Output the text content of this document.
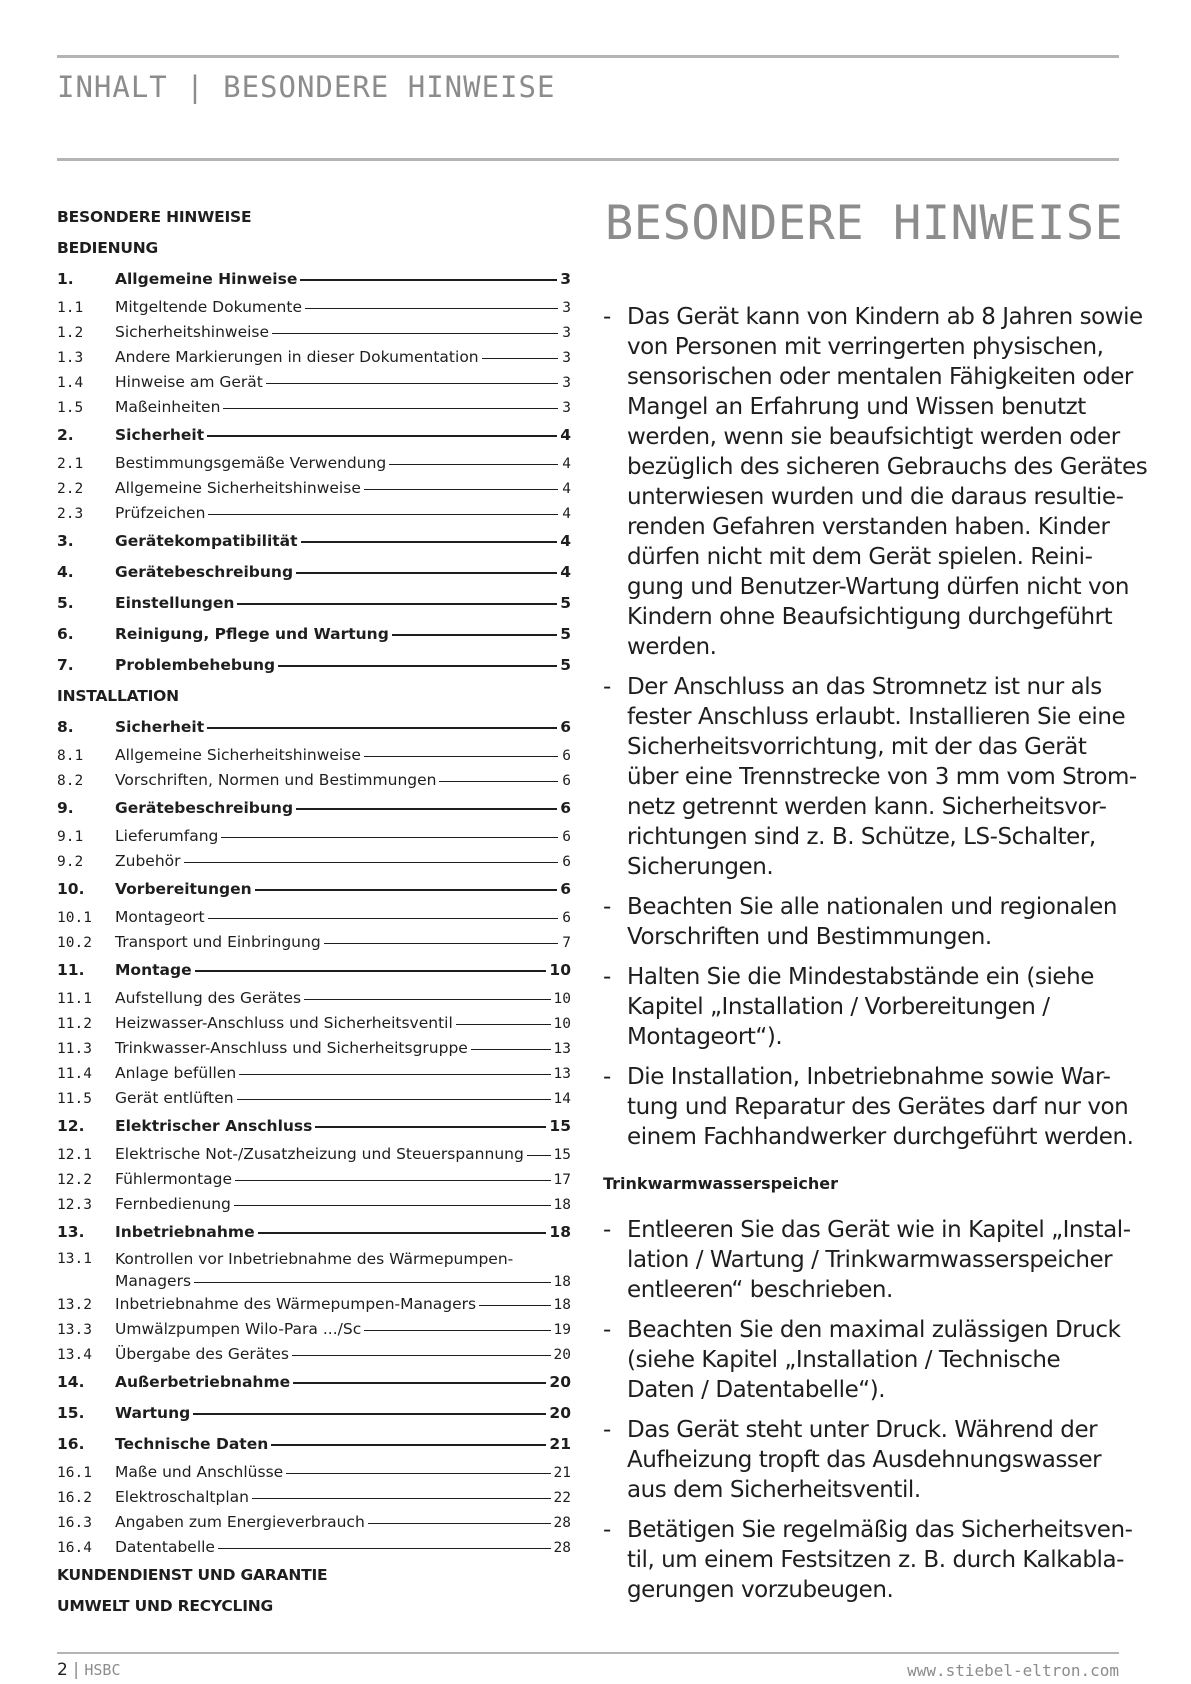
INHALT | BESONDERE HINWEISE
BESONDERE HINWEISE
BEDIENUNG
1.	Allgemeine Hinweise	3
1.1	Mitgeltende Dokumente	3
1.2	Sicherheitshinweise	3
1.3	Andere Markierungen in dieser Dokumentation	3
1.4	Hinweise am Gerät	3
1.5	Maßeinheiten	3
2.	Sicherheit	4
2.1	Bestimmungsgemäße Verwendung	4
2.2	Allgemeine Sicherheitshinweise	4
2.3	Prüfzeichen	4
3.	Gerätekompatibilität	4
4.	Gerätebeschreibung	4
5.	Einstellungen	5
6.	Reinigung, Pflege und Wartung	5
7.	Problembehebung	5
INSTALLATION
8.	Sicherheit	6
8.1	Allgemeine Sicherheitshinweise	6
8.2	Vorschriften, Normen und Bestimmungen	6
9.	Gerätebeschreibung	6
9.1	Lieferumfang	6
9.2	Zubehör	6
10.	Vorbereitungen	6
10.1	Montageort	6
10.2	Transport und Einbringung	7
11.	Montage	10
11.1	Aufstellung des Gerätes	10
11.2	Heizwasser-Anschluss und Sicherheitsventil	10
11.3	Trinkwasser-Anschluss und Sicherheitsgruppe	13
11.4	Anlage befüllen	13
11.5	Gerät entlüften	14
12.	Elektrischer Anschluss	15
12.1	Elektrische Not-/Zusatzheizung und Steuerspannung 15
12.2	Fühlermontage	17
12.3	Fernbedienung	18
13.	Inbetriebnahme	18
13.1	Kontrollen vor Inbetriebnahme des Wärmepumpen-
Managers	18
13.2	Inbetriebnahme des Wärmepumpen-Managers	18
13.3	Umwälzpumpen Wilo-Para .../Sc	19
13.4	Übergabe des Gerätes	20
14.	Außerbetriebnahme	20
15.	Wartung	20
16.	Technische Daten	21
16.1	Maße und Anschlüsse	21
16.2	Elektroschaltplan	22
16.3	Angaben zum Energieverbrauch	28
16.4	Datentabelle	28
KUNDENDIENST UND GARANTIE
UMWELT UND RECYCLING
BESONDERE HINWEISE
- Das Gerät kann von Kindern ab 8 Jahren sowie
von Personen mit verringerten physischen,
sensorischen oder mentalen Fähigkeiten oder
Mangel an Erfahrung und Wissen benutzt
werden, wenn sie beaufsichtigt werden oder
bezüglich des sicheren Gebrauchs des Gerätes
unterwiesen wurden und die daraus resultie-
renden Gefahren verstanden haben. Kinder
dürfen nicht mit dem Gerät spielen. Reini-
gung und Benutzer-Wartung dürfen nicht von
Kindern ohne Beaufsichtigung durchgeführt
werden.
- Der Anschluss an das Stromnetz ist nur als
fester Anschluss erlaubt. Installieren Sie eine
Sicherheitsvorrichtung, mit der das Gerät
über eine Trennstrecke von 3 mm vom Strom-
netz getrennt werden kann. Sicherheitsvor-
richtungen sind z. B. Schütze, LS-Schalter,
Sicherungen.
- Beachten Sie alle nationalen und regionalen
Vorschriften und Bestimmungen.
- Halten Sie die Mindestabstände ein (siehe
Kapitel „Installation / Vorbereitungen /
Montageort“).
- Die Installation, Inbetriebnahme sowie War-
tung und Reparatur des Gerätes darf nur von
einem Fachhandwerker durchgeführt werden.
Trinkwarmwasserspeicher
- Entleeren Sie das Gerät wie in Kapitel „Instal-
lation / Wartung / Trinkwarmwasserspeicher
entleeren“ beschrieben.
- Beachten Sie den maximal zulässigen Druck
(siehe Kapitel „Installation / Technische
Daten / Datentabelle“).
- Das Gerät steht unter Druck. Während der
Aufheizung tropft das Ausdehnungswasser
aus dem Sicherheitsventil.
- Betätigen Sie regelmäßig das Sicherheitsven-
til, um einem Festsitzen z. B. durch Kalkabla-
gerungen vorzubeugen.
2 | HSBC	www.stiebel-eltron.com
